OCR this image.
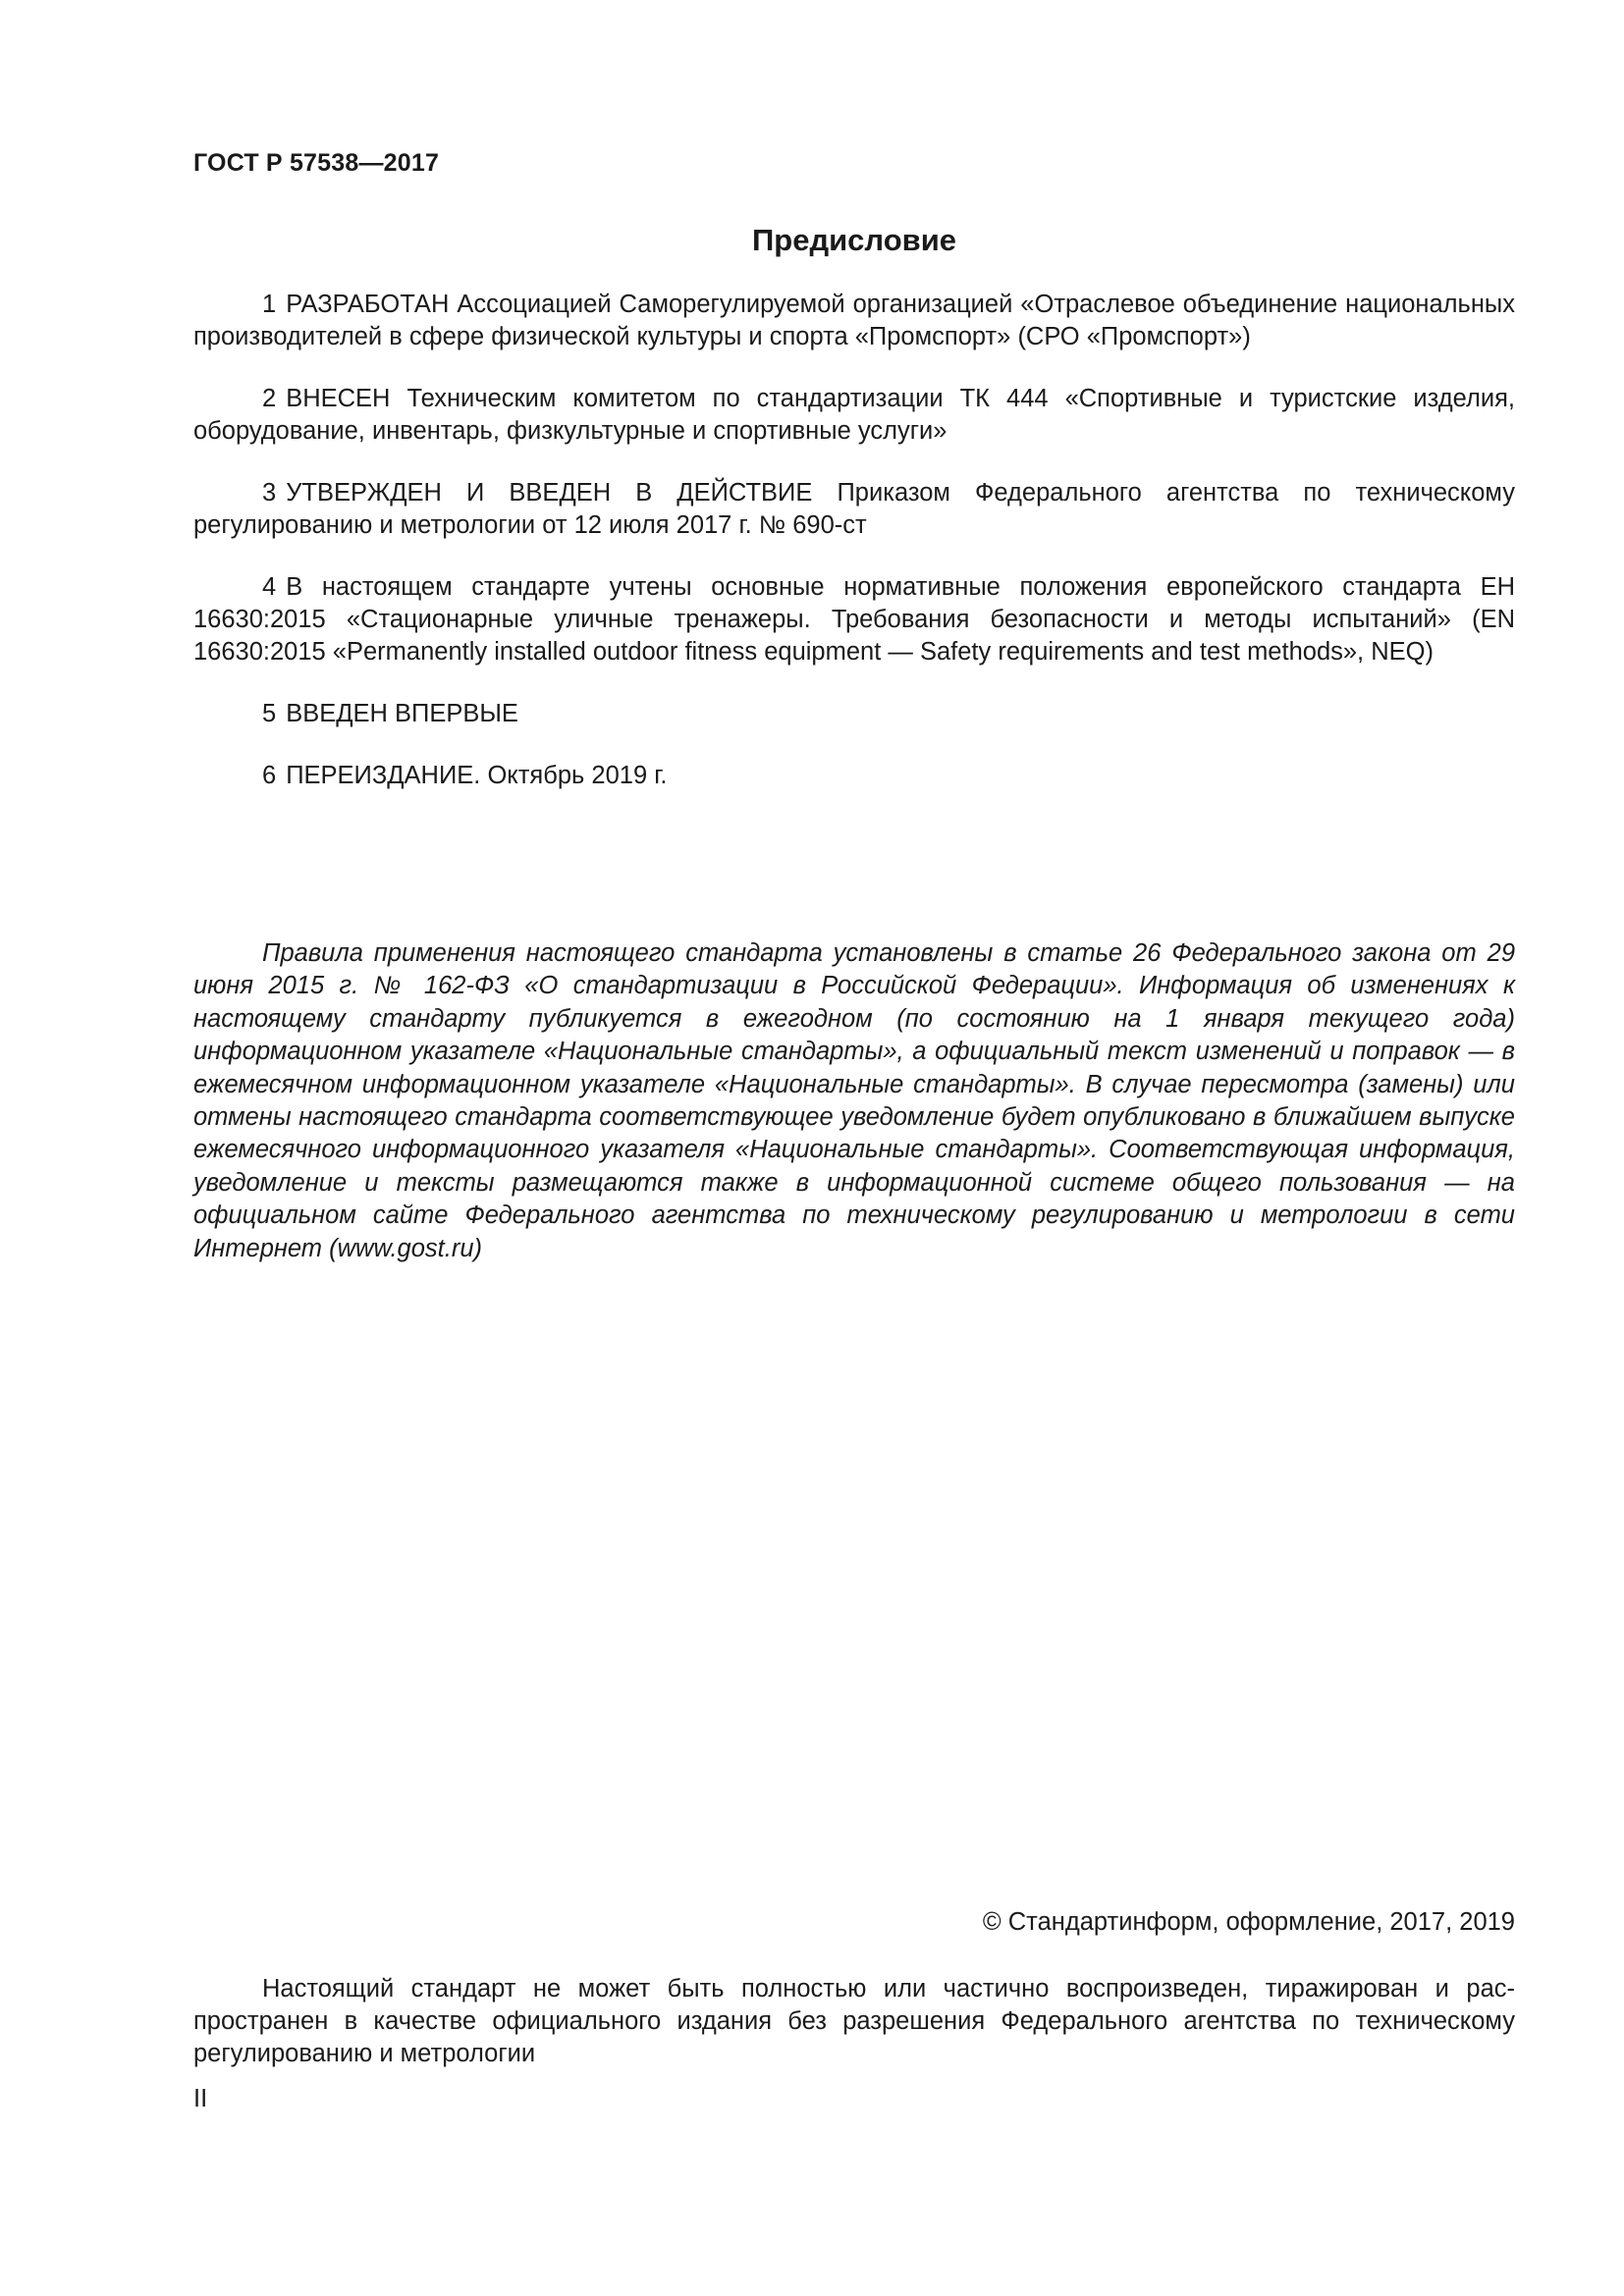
ГОСТ Р 57538—2017
Предисловие

1 РАЗРАБОТАН Ассоциацией Саморегулируемой организацией «Отраслевое объединение национальных производителей в сфере физической культуры и спорта «Промспорт» (СРО «Промспорт»)

2 ВНЕСЕН Техническим комитетом по стандартизации ТК 444 «Спортивные и туристские изделия, оборудование, инвентарь, физкультурные и спортивные услуги»

3 УТВЕРЖДЕН И ВВЕДЕН В ДЕЙСТВИЕ Приказом Федерального агентства по техническому регулированию и метрологии от 12 июля 2017 г. № 690-ст

4 В настоящем стандарте учтены основные нормативные положения европейского стандарта ЕН 16630:2015 «Стационарные уличные тренажеры. Требования безопасности и методы испытаний» (EN 16630:2015 «Permanently installed outdoor fitness equipment — Safety requirements and test methods», NEQ)

5 ВВЕДЕН ВПЕРВЫЕ

6 ПЕРЕИЗДАНИЕ. Октябрь 2019 г.

Правила применения настоящего стандарта установлены в статье 26 Федерального закона от 29 июня 2015 г. № 162-ФЗ «О стандартизации в Российской Федерации». Информация об изменениях к настоящему стандарту публикуется в ежегодном (по состоянию на 1 января текущего года) информационном указателе «Национальные стандарты», а официальный текст изменений и поправок — в ежемесячном информационном указателе «Национальные стандарты». В случае пересмотра (замены) или отмены настоящего стандарта соответствующее уведомление будет опубликовано в ближайшем выпуске ежемесячного информационного указателя «Национальные стандарты». Соответствующая информация, уведомление и тексты размещаются также в информационной системе общего пользования — на официальном сайте Федерального агентства по техническому регулированию и метрологии в сети Интернет (www.gost.ru)
© Стандартинформ, оформление, 2017, 2019
Настоящий стандарт не может быть полностью или частично воспроизведен, тиражирован и распространен в качестве официального издания без разрешения Федерального агентства по техническому регулированию и метрологии
II
